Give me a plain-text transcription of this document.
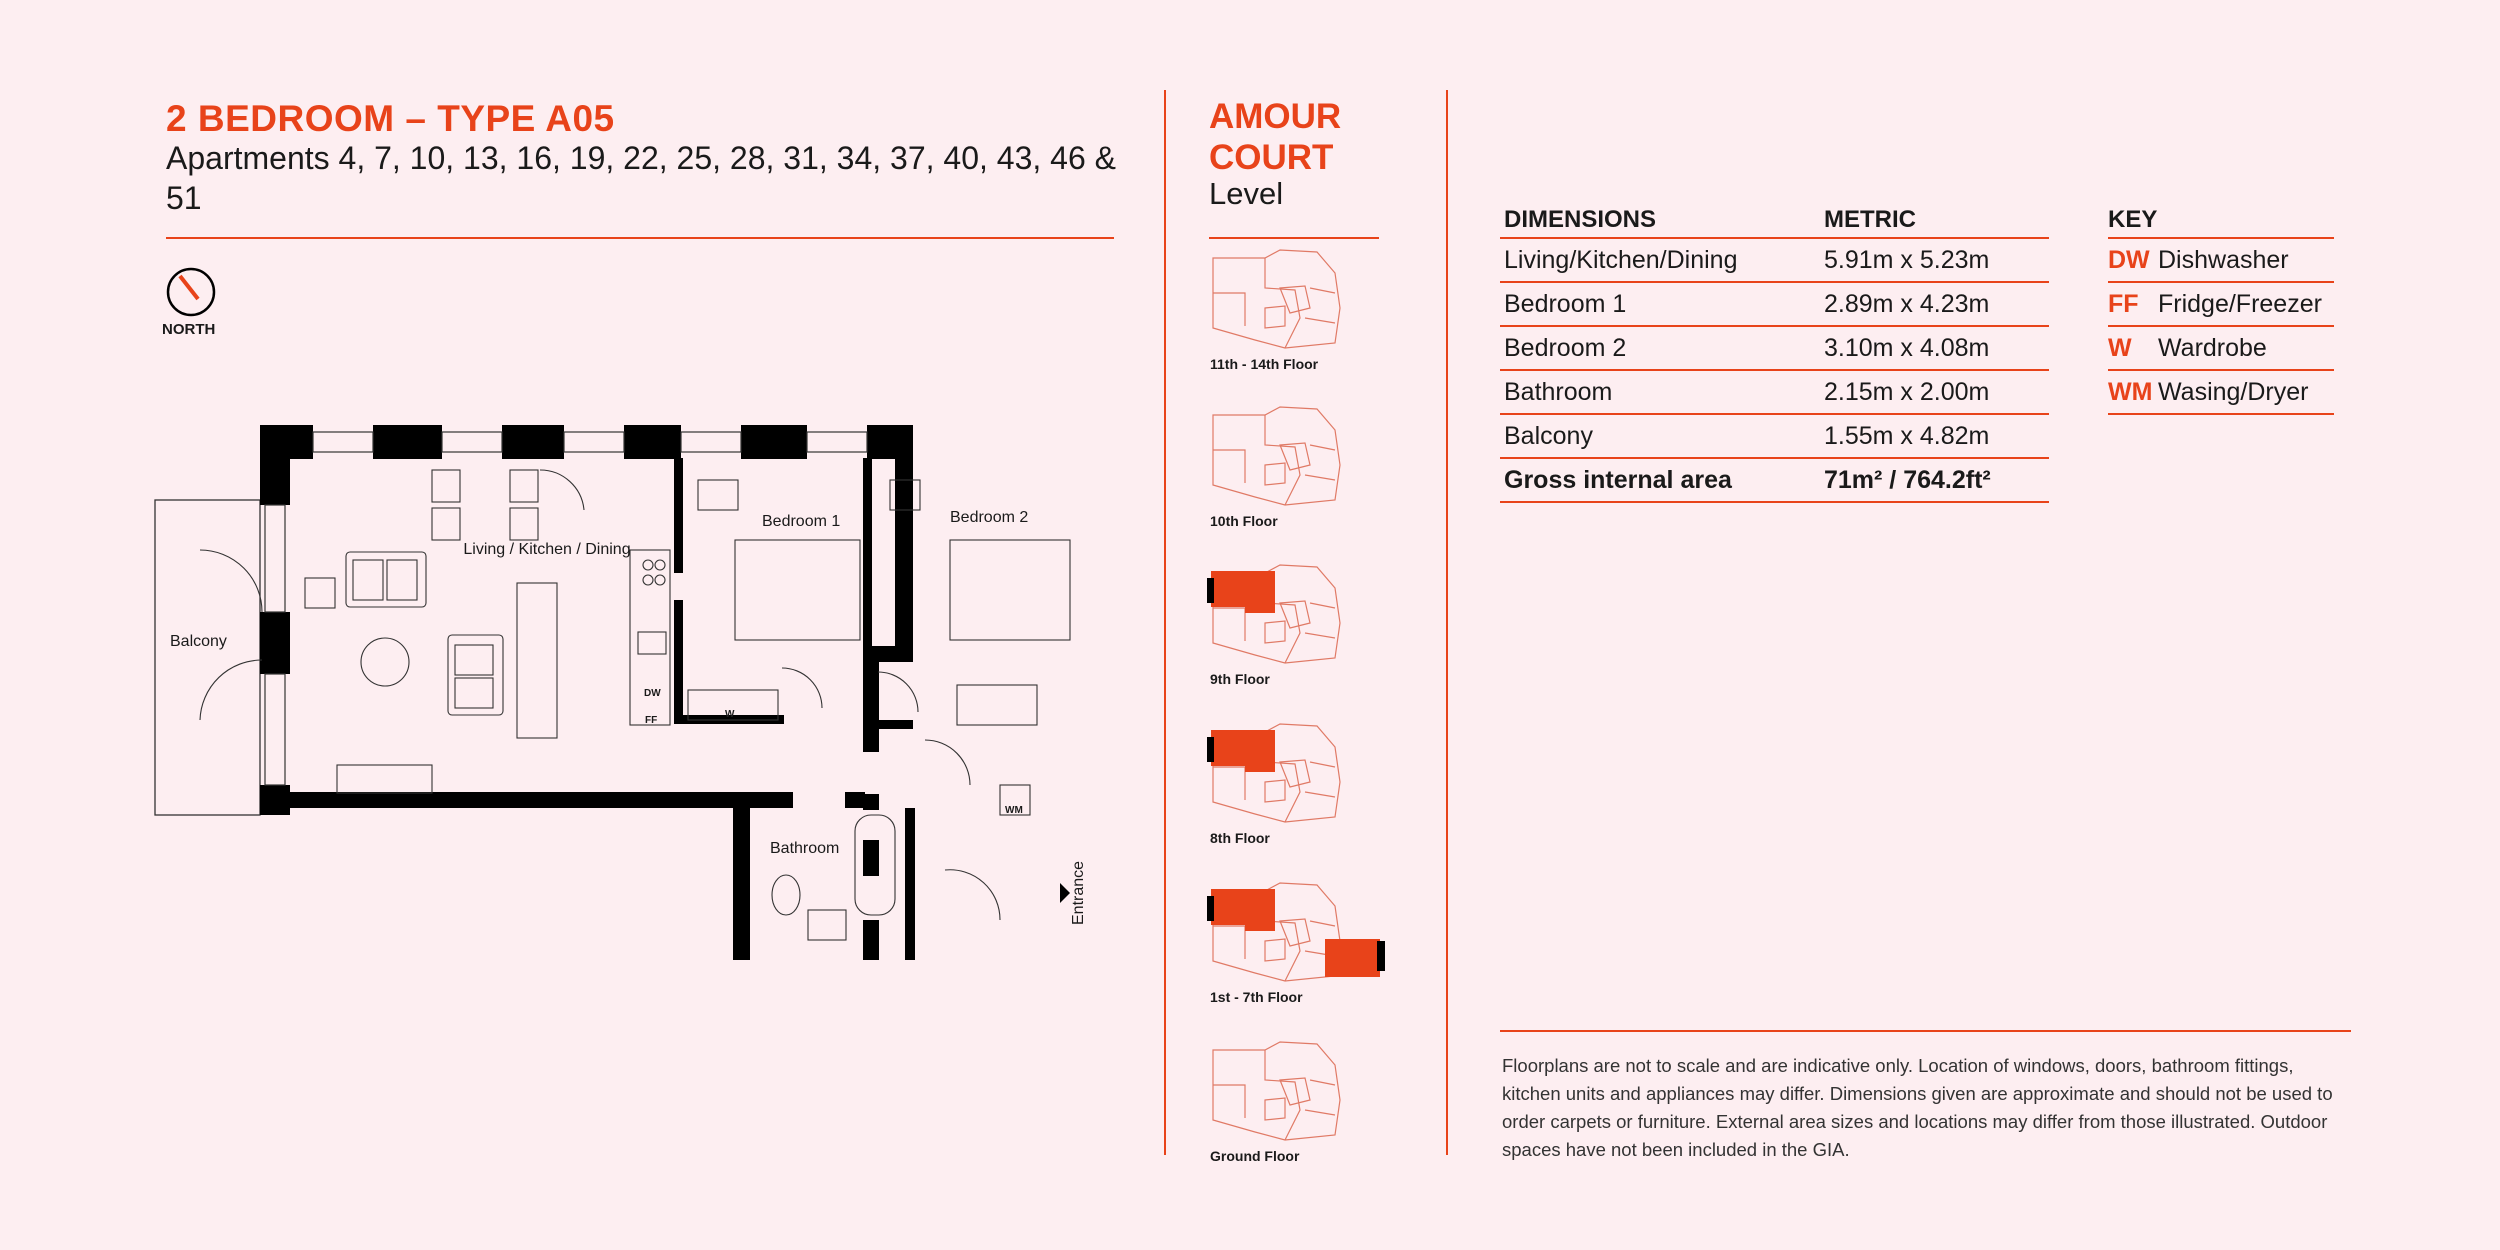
2 BEDROOM – TYPE A05
Apartments 4, 7, 10, 13, 16, 19, 22, 25, 28, 31, 34, 37, 40, 43, 46 & 51
NORTH
Living / Kitchen / Dining
Bedroom 1	Bedroom 2
Balcony
Bathroom
Entrance
DW
FF
W
WM
AMOUR
COURT
Level
11th - 14th Floor
10th Floor
9th Floor
8th Floor
1st - 7th Floor
Ground Floor
DIMENSIONS	METRIC
Living/Kitchen/Dining	5.91m x 5.23m
Bedroom 1	2.89m x 4.23m
Bedroom 2	3.10m x 4.08m
Bathroom	2.15m x 2.00m
Balcony	1.55m x 4.82m
Gross internal area	71m² / 764.2ft²
KEY	
DW	Dishwasher
FF	Fridge/Freezer
W	Wardrobe
WM	Wasing/Dryer
Floorplans are not to scale and are indicative only. Location of windows, doors, bathroom fittings, kitchen units and appliances may differ. Dimensions given are approximate and should not be used to order carpets or furniture. External area sizes and locations may differ from those illustrated. Outdoor spaces have not been included in the GIA.
